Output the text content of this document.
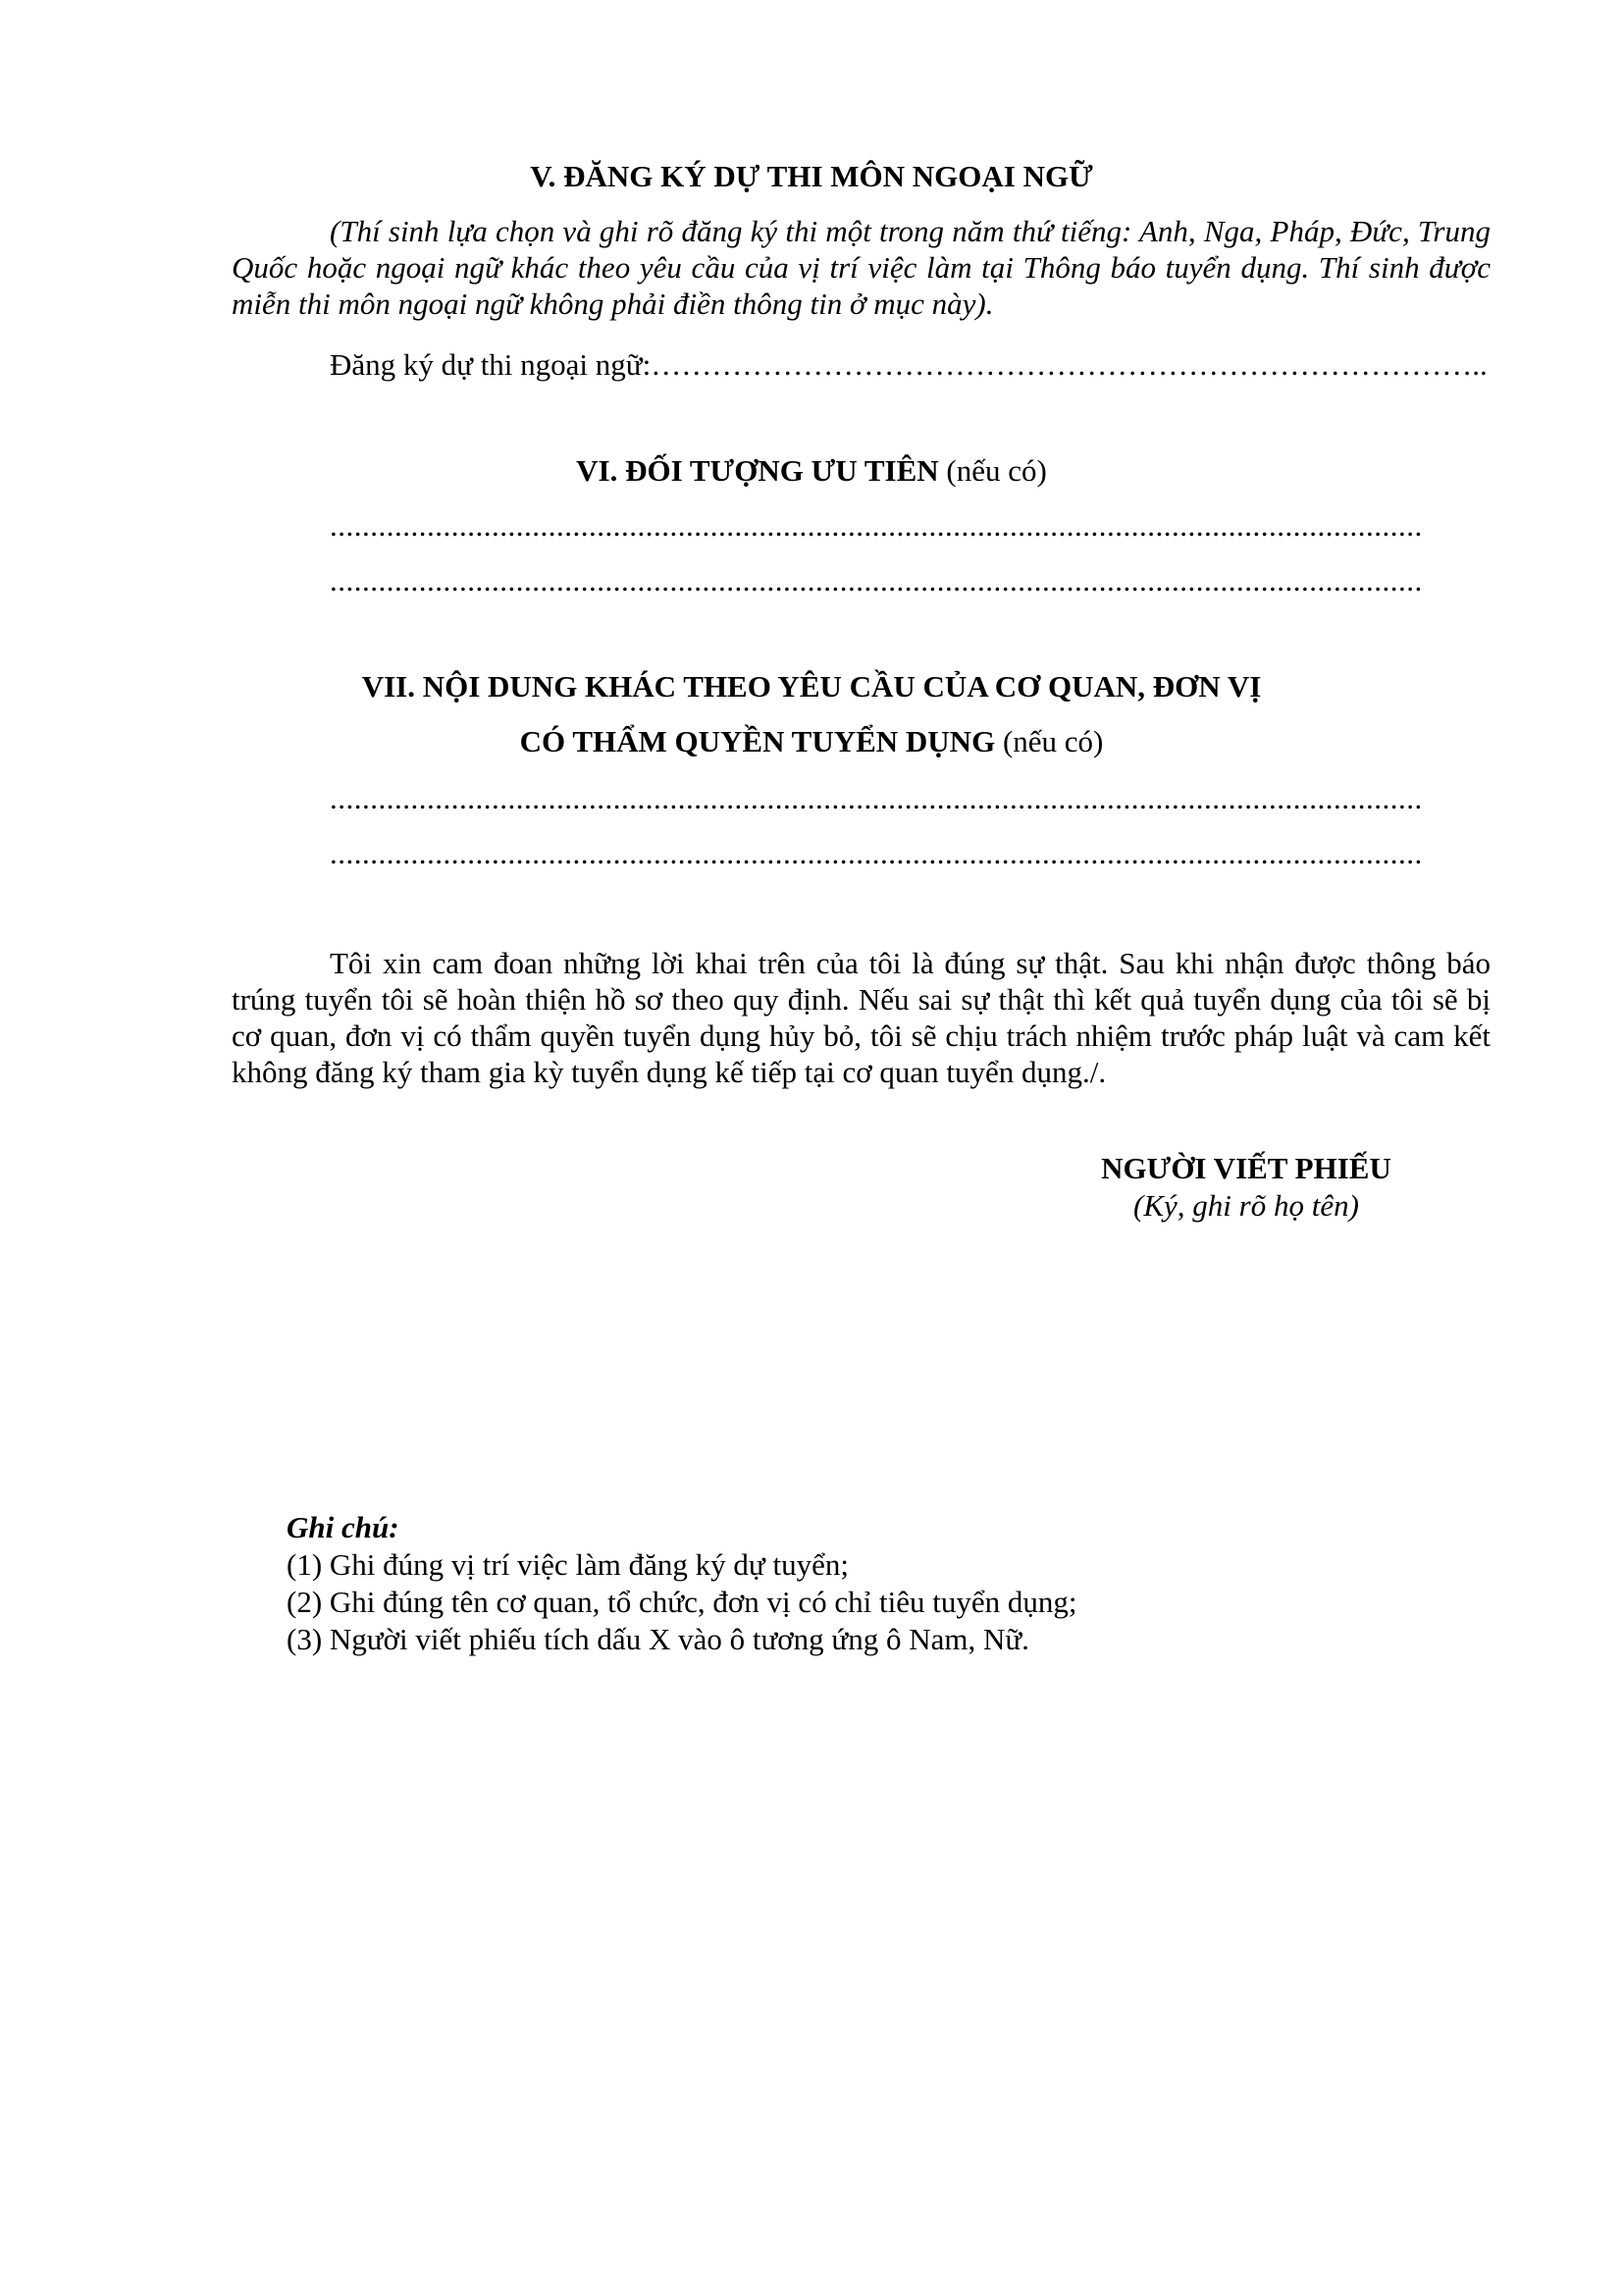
V. ĐĂNG KÝ DỰ THI MÔN NGOẠI NGỮ
(Thí sinh lựa chọn và ghi rõ đăng ký thi một trong năm thứ tiếng: Anh, Nga, Pháp, Đức, Trung Quốc hoặc ngoại ngữ khác theo yêu cầu của vị trí việc làm tại Thông báo tuyển dụng. Thí sinh được miễn thi môn ngoại ngữ không phải điền thông tin ở mục này).
Đăng ký dự thi ngoại ngữ:………………………………………………………………………..
VI. ĐỐI TƯỢNG ƯU TIÊN (nếu có)
.....
.....
VII. NỘI DUNG KHÁC THEO YÊU CẦU CỦA CƠ QUAN, ĐƠN VỊ
CÓ THẨM QUYỀN TUYỂN DỤNG (nếu có)
.....
.....
Tôi xin cam đoan những lời khai trên của tôi là đúng sự thật. Sau khi nhận được thông báo trúng tuyển tôi sẽ hoàn thiện hồ sơ theo quy định. Nếu sai sự thật thì kết quả tuyển dụng của tôi sẽ bị cơ quan, đơn vị có thẩm quyền tuyển dụng hủy bỏ, tôi sẽ chịu trách nhiệm trước pháp luật và cam kết không đăng ký tham gia kỳ tuyển dụng kế tiếp tại cơ quan tuyển dụng./.
NGƯỜI VIẾT PHIẾU
(Ký, ghi rõ họ tên)
Ghi chú:
(1) Ghi đúng vị trí việc làm đăng ký dự tuyển;
(2) Ghi đúng tên cơ quan, tổ chức, đơn vị có chỉ tiêu tuyển dụng;
(3) Người viết phiếu tích dấu X vào ô tương ứng ô Nam, Nữ.
